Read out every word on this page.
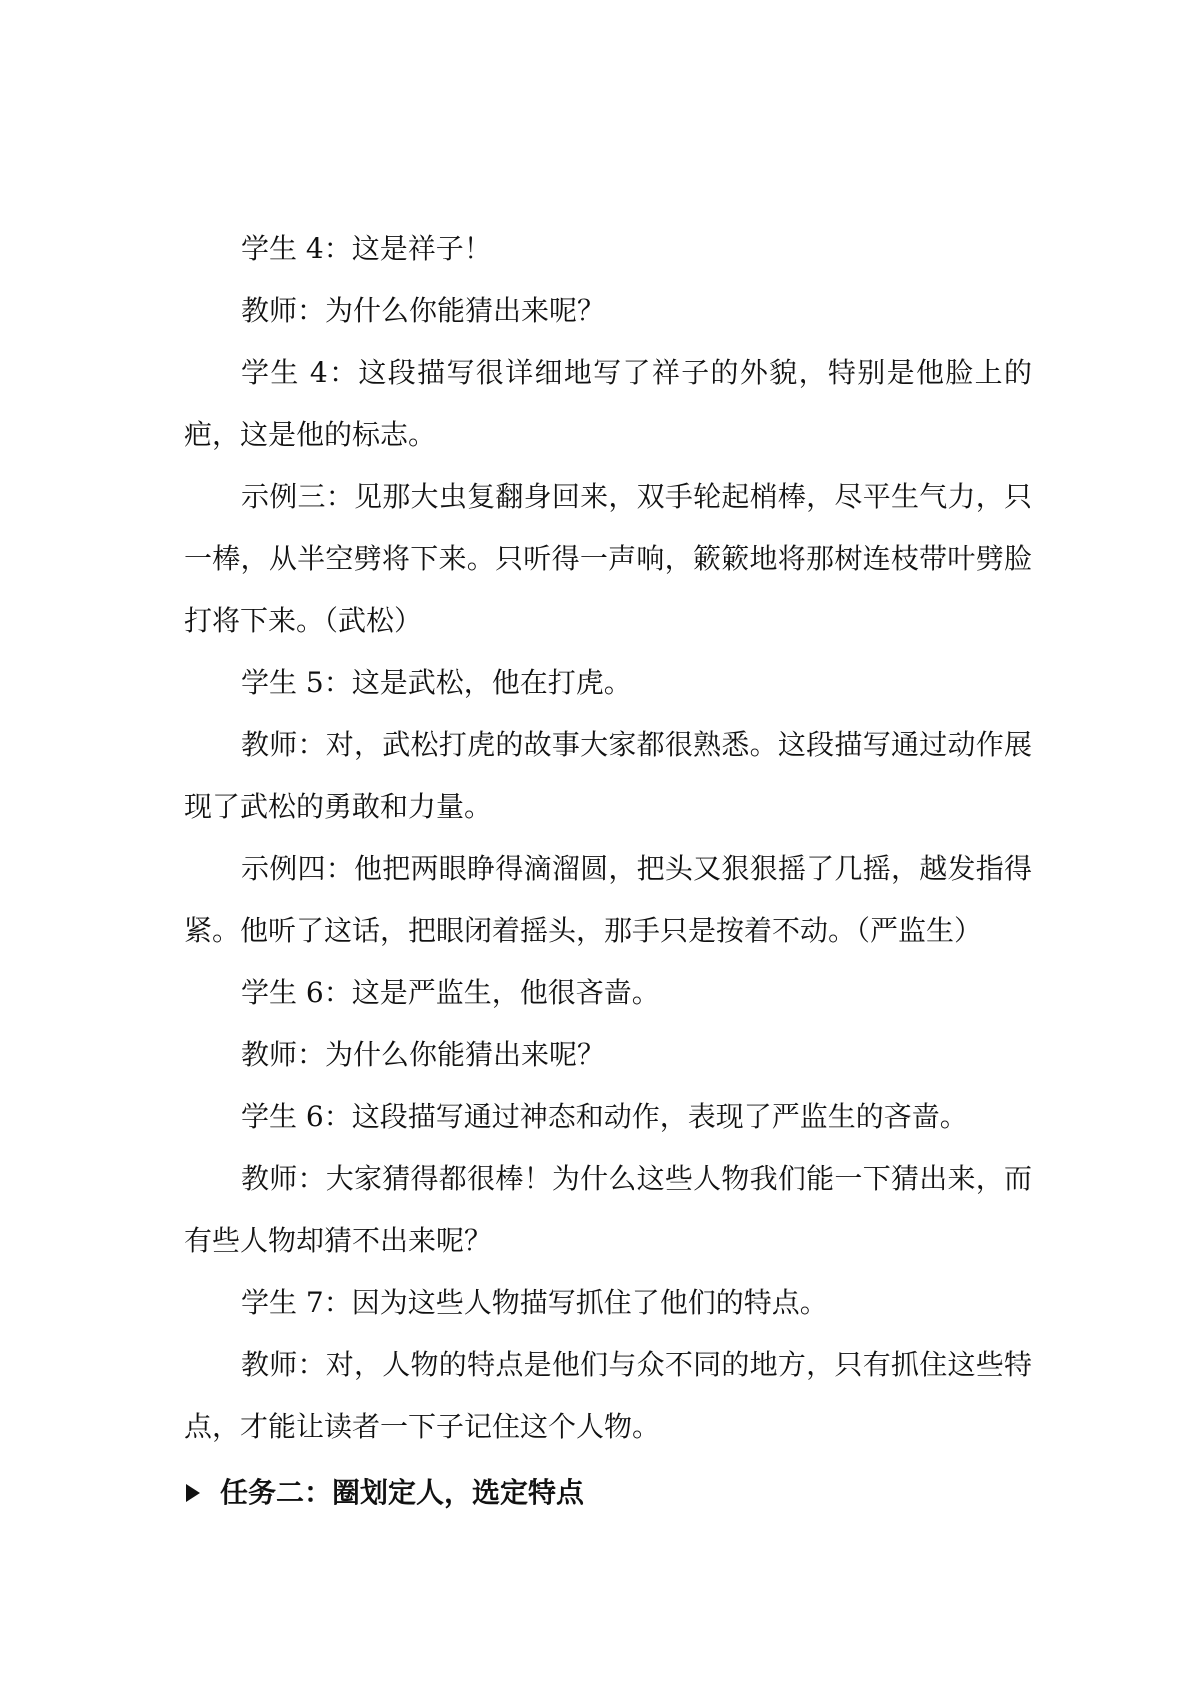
学生 4：这是祥子！

教师：为什么你能猜出来呢？

学生 4：这段描写很详细地写了祥子的外貌，特别是他脸上的疤，这是他的标志。

示例三：见那大虫复翻身回来，双手轮起梢棒，尽平生气力，只一棒，从半空劈将下来。只听得一声响，簌簌地将那树连枝带叶劈脸打将下来。（武松）

学生 5：这是武松，他在打虎。

教师：对，武松打虎的故事大家都很熟悉。这段描写通过动作展现了武松的勇敢和力量。

示例四：他把两眼睁得滴溜圆，把头又狠狠摇了几摇，越发指得紧。他听了这话，把眼闭着摇头，那手只是按着不动。（严监生）

学生 6：这是严监生，他很吝啬。

教师：为什么你能猜出来呢？

学生 6：这段描写通过神态和动作，表现了严监生的吝啬。

教师：大家猜得都很棒！为什么这些人物我们能一下猜出来，而有些人物却猜不出来呢？

学生 7：因为这些人物描写抓住了他们的特点。

教师：对，人物的特点是他们与众不同的地方，只有抓住这些特点，才能让读者一下子记住这个人物。

任务二：圈划定人，选定特点
